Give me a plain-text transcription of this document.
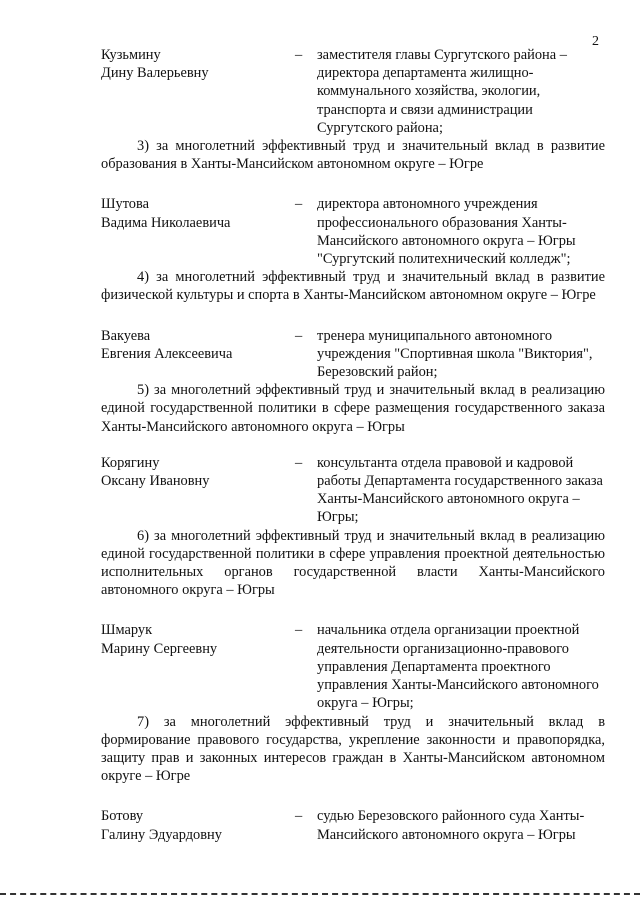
2
Кузьмину
Дину Валерьевну
–	заместителя главы Сургутского района – директора департамента жилищно-коммунального хозяйства, экологии, транспорта и связи администрации Сургутского района;

3) за многолетний эффективный труд и значительный вклад в развитие образования в Ханты-Мансийском автономном округе – Югре

Шутова
Вадима Николаевича
–	директора автономного учреждения профессионального образования Ханты-Мансийского автономного округа – Югры "Сургутский политехнический колледж";

4) за многолетний эффективный труд и значительный вклад в развитие физической культуры и спорта в Ханты-Мансийском автономном округе – Югре

Вакуева
Евгения Алексеевича
–	тренера муниципального автономного учреждения "Спортивная школа "Виктория", Березовский район;

5) за многолетний эффективный труд и значительный вклад в реализацию единой государственной политики в сфере размещения государственного заказа Ханты-Мансийского автономного округа – Югры

Корягину
Оксану Ивановну
–	консультанта отдела правовой и кадровой работы Департамента государственного заказа Ханты-Мансийского автономного округа – Югры;

6) за многолетний эффективный труд и значительный вклад в реализацию единой государственной политики в сфере управления проектной деятельностью исполнительных органов государственной власти Ханты-Мансийского автономного округа – Югры

Шмарук
Марину Сергеевну
–	начальника отдела организации проектной деятельности организационно-правового управления Департамента проектного управления Ханты-Мансийского автономного округа – Югры;

7) за многолетний эффективный труд и значительный вклад в формирование правового государства, укрепление законности и правопорядка, защиту прав и законных интересов граждан в Ханты-Мансийском автономном округе – Югре

Ботову
Галину Эдуардовну
–	судью Березовского районного суда Ханты-Мансийского автономного округа – Югры
